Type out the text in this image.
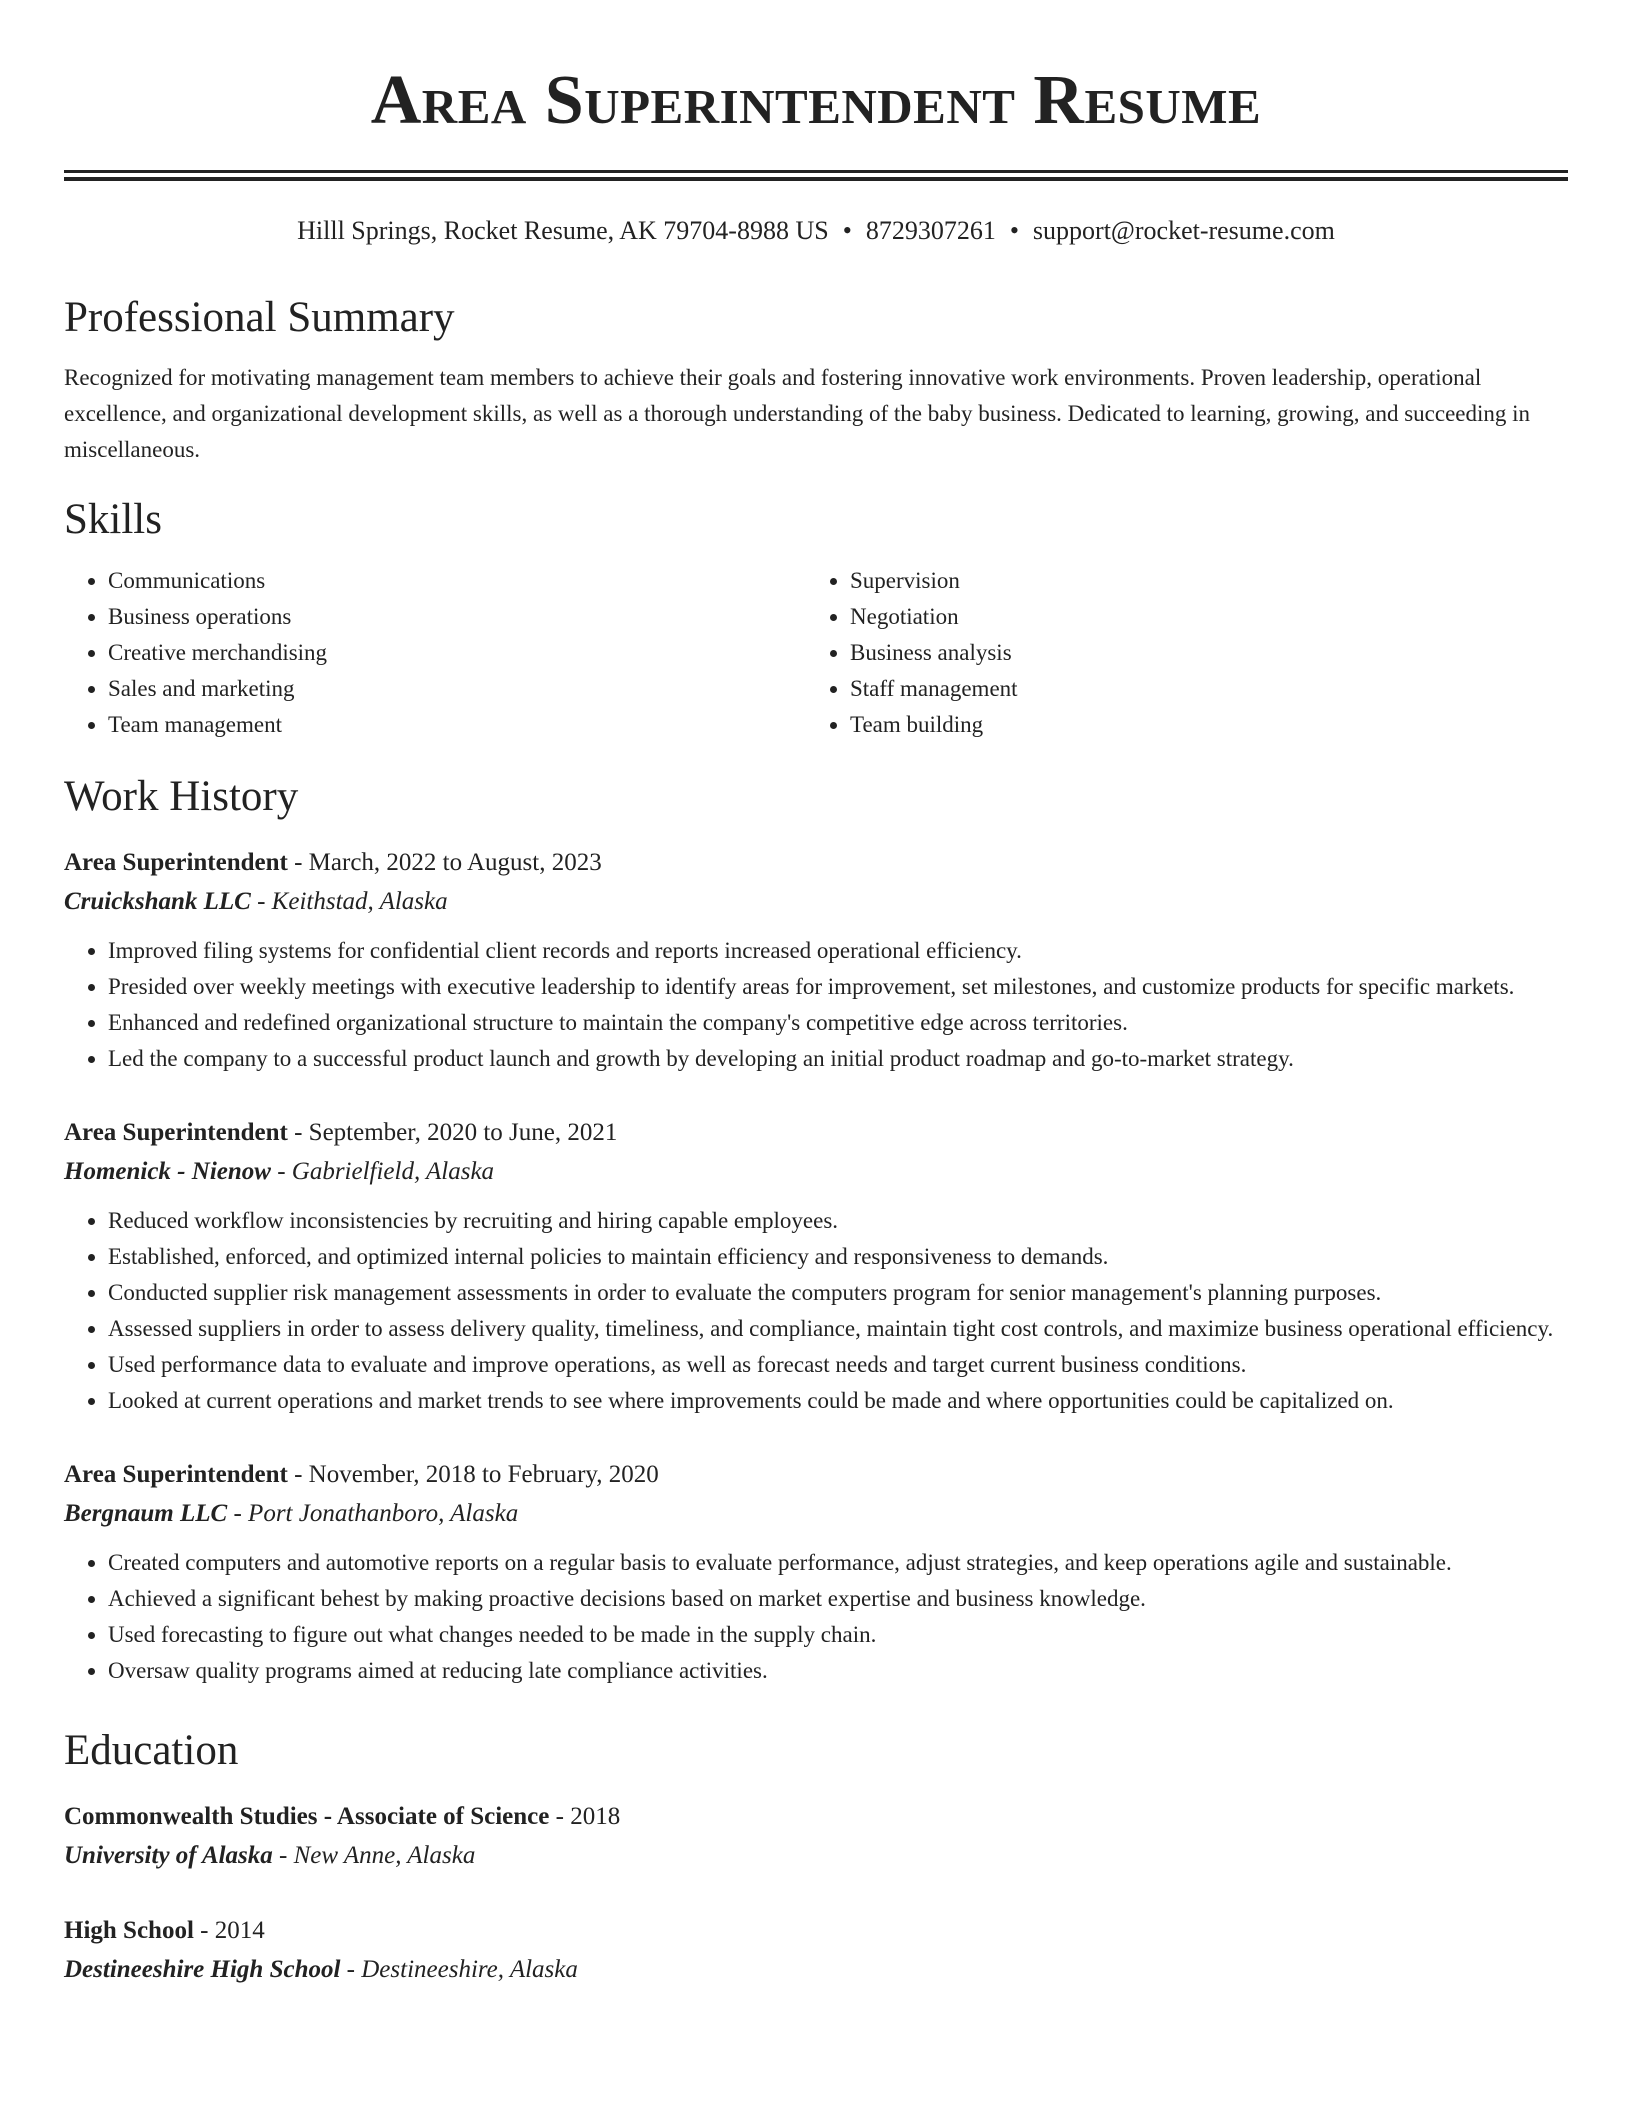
Area Superintendent Resume
Hilll Springs, Rocket Resume, AK 79704-8988 US • 8729307261 • support@rocket-resume.com
Professional Summary
Recognized for motivating management team members to achieve their goals and fostering innovative work environments. Proven leadership, operational excellence, and organizational development skills, as well as a thorough understanding of the baby business. Dedicated to learning, growing, and succeeding in miscellaneous.
Skills
• Communications
• Business operations
• Creative merchandising
• Sales and marketing
• Team management
• Supervision
• Negotiation
• Business analysis
• Staff management
• Team building
Work History
Area Superintendent - March, 2022 to August, 2023
Cruickshank LLC - Keithstad, Alaska
• Improved filing systems for confidential client records and reports increased operational efficiency.
• Presided over weekly meetings with executive leadership to identify areas for improvement, set milestones, and customize products for specific markets.
• Enhanced and redefined organizational structure to maintain the company's competitive edge across territories.
• Led the company to a successful product launch and growth by developing an initial product roadmap and go-to-market strategy.
Area Superintendent - September, 2020 to June, 2021
Homenick - Nienow - Gabrielfield, Alaska
• Reduced workflow inconsistencies by recruiting and hiring capable employees.
• Established, enforced, and optimized internal policies to maintain efficiency and responsiveness to demands.
• Conducted supplier risk management assessments in order to evaluate the computers program for senior management's planning purposes.
• Assessed suppliers in order to assess delivery quality, timeliness, and compliance, maintain tight cost controls, and maximize business operational efficiency.
• Used performance data to evaluate and improve operations, as well as forecast needs and target current business conditions.
• Looked at current operations and market trends to see where improvements could be made and where opportunities could be capitalized on.
Area Superintendent - November, 2018 to February, 2020
Bergnaum LLC - Port Jonathanboro, Alaska
• Created computers and automotive reports on a regular basis to evaluate performance, adjust strategies, and keep operations agile and sustainable.
• Achieved a significant behest by making proactive decisions based on market expertise and business knowledge.
• Used forecasting to figure out what changes needed to be made in the supply chain.
• Oversaw quality programs aimed at reducing late compliance activities.
Education
Commonwealth Studies - Associate of Science - 2018
University of Alaska - New Anne, Alaska
High School - 2014
Destineeshire High School - Destineeshire, Alaska
